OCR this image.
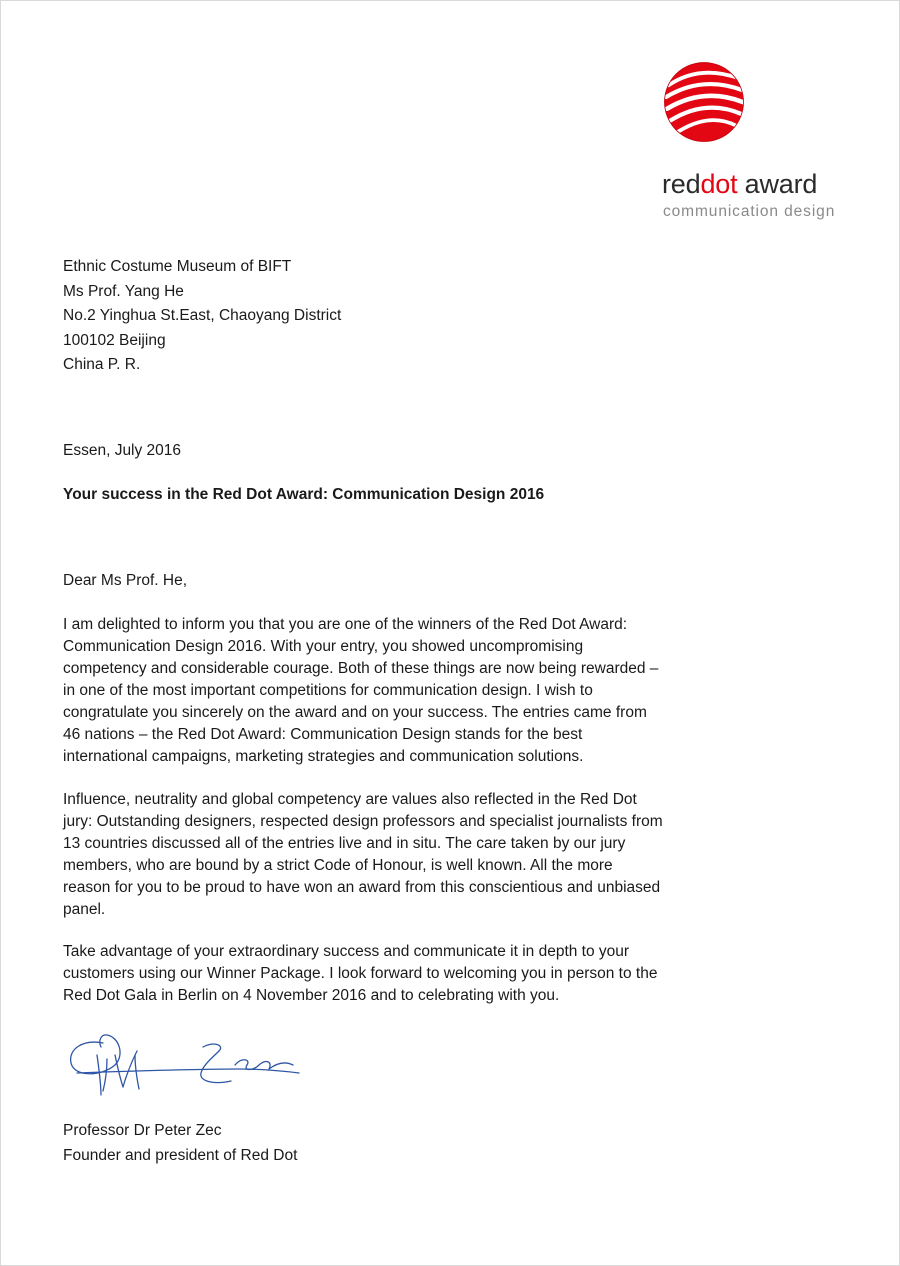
reddot award
communication design
Ethnic Costume Museum of BIFT
Ms Prof. Yang He
No.2 Yinghua St.East, Chaoyang District
100102 Beijing
China P. R.
Essen, July 2016
Your success in the Red Dot Award: Communication Design 2016
Dear Ms Prof. He,
I am delighted to inform you that you are one of the winners of the Red Dot Award: Communication Design 2016. With your entry, you showed uncompromising competency and considerable courage. Both of these things are now being rewarded – in one of the most important competitions for communication design. I wish to congratulate you sincerely on the award and on your success. The entries came from 46 nations – the Red Dot Award: Communication Design stands for the best international campaigns, marketing strategies and communication solutions.
Influence, neutrality and global competency are values also reflected in the Red Dot jury: Outstanding designers, respected design professors and specialist journalists from 13 countries discussed all of the entries live and in situ. The care taken by our jury members, who are bound by a strict Code of Honour, is well known. All the more reason for you to be proud to have won an award from this conscientious and unbiased panel.
Take advantage of your extraordinary success and communicate it in depth to your customers using our Winner Package. I look forward to welcoming you in person to the Red Dot Gala in Berlin on 4 November 2016 and to celebrating with you.
Professor Dr Peter Zec
Founder and president of Red Dot
